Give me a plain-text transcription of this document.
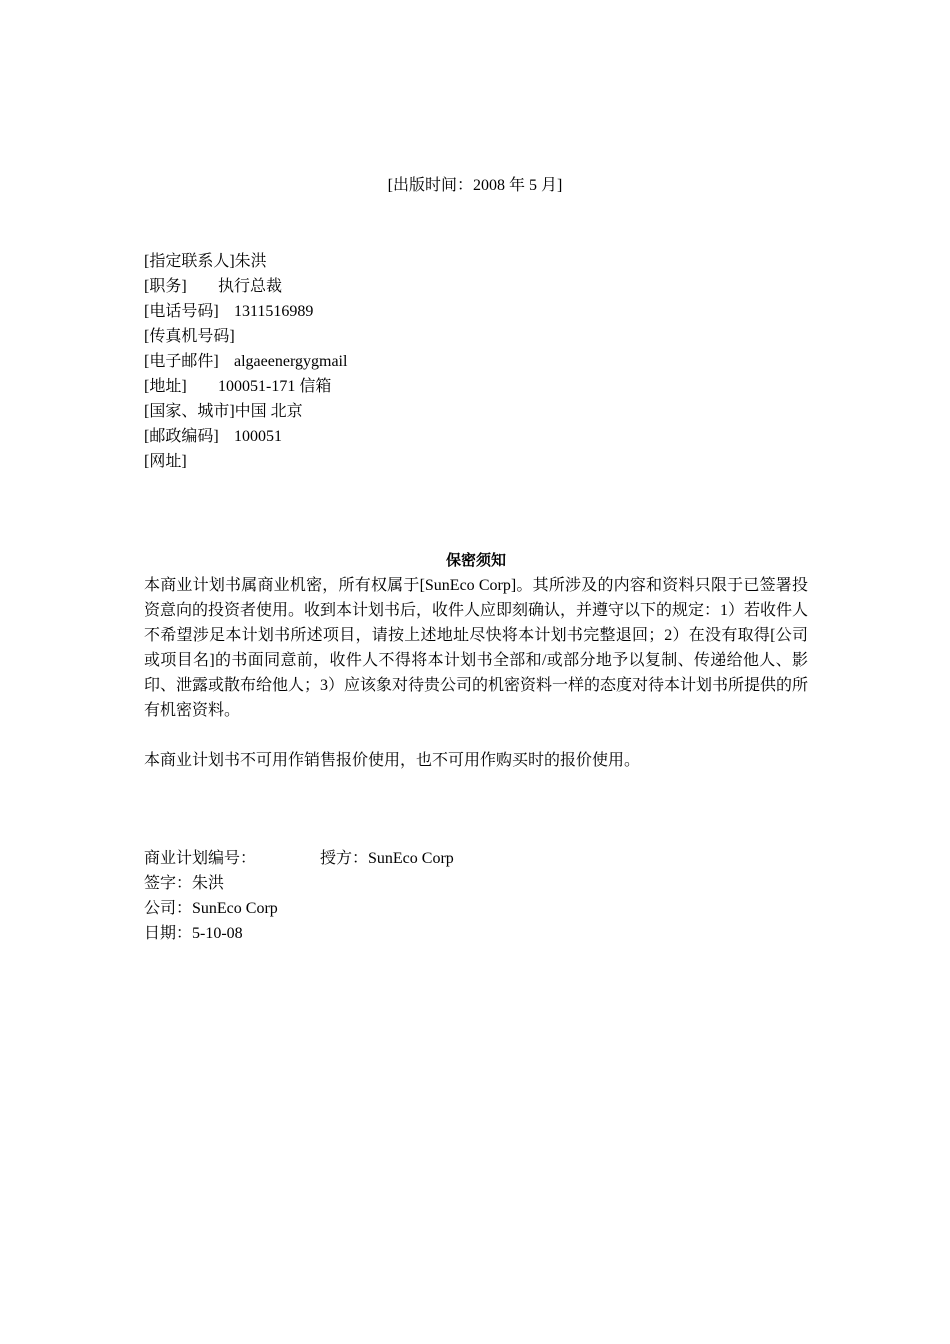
[出版时间：2008 年 5 月]
[指定联系人]朱洪
[职务] 执行总裁
[电话号码] 1311516989
[传真机号码]
[电子邮件] algaeenergygmail
[地址] 100051-171 信箱
[国家、城市]中国 北京
[邮政编码] 100051
[网址]
保密须知

本商业计划书属商业机密，所有权属于[SunEco Corp]。其所涉及的内容和资料只限于已签署投资意向的投资者使用。收到本计划书后，收件人应即刻确认，并遵守以下的规定：1）若收件人不希望涉足本计划书所述项目，请按上述地址尽快将本计划书完整退回；2）在没有取得[公司或项目名]的书面同意前，收件人不得将本计划书全部和/或部分地予以复制、传递给他人、影印、泄露或散布给他人；3）应该象对待贵公司的机密资料一样的态度对待本计划书所提供的所有机密资料。

本商业计划书不可用作销售报价使用，也不可用作购买时的报价使用。
商业计划编号：	授方：SunEco Corp
签字：朱洪
公司：SunEco Corp
日期：5-10-08
